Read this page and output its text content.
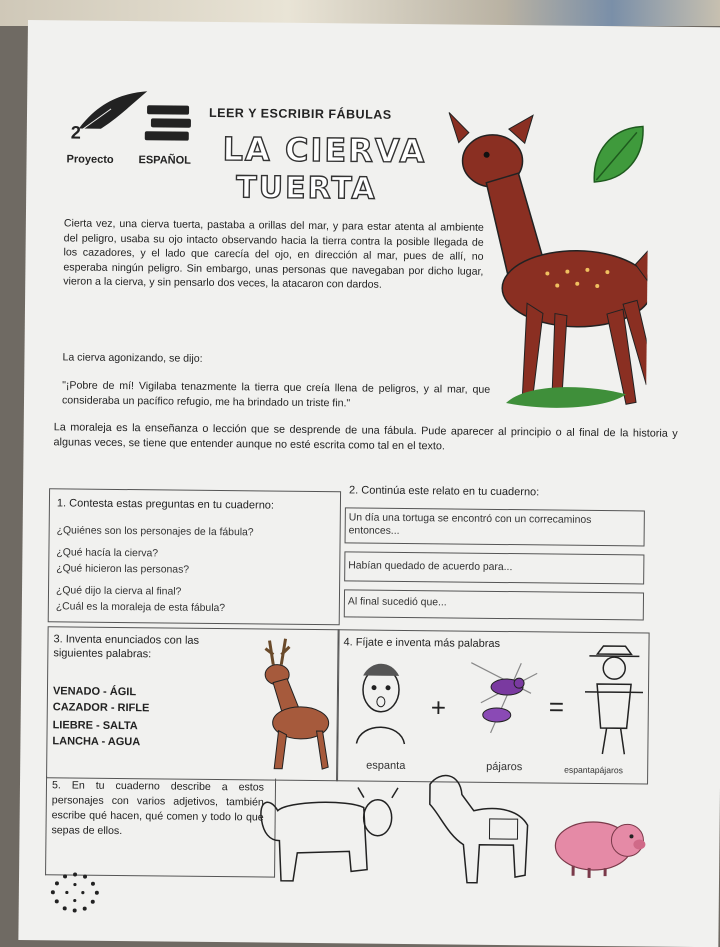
2
Proyecto ESPAÑOL
LEER Y ESCRIBIR FÁBULAS
LA CIERVA
TUERTA
Cierta vez, una cierva tuerta, pastaba a orillas del mar, y para estar atenta al ambiente del peligro, usaba su ojo intacto observando hacia la tierra contra la posible llegada de los cazadores, y el lado que carecía del ojo, en dirección al mar, pues de allí, no esperaba ningún peligro. Sin embargo, unas personas que navegaban por dicho lugar, vieron a la cierva, y sin pensarlo dos veces, la atacaron con dardos.
La cierva agonizando, se dijo:
"¡Pobre de mí! Vigilaba tenazmente la tierra que creía llena de peligros, y al mar, que consideraba un pacífico refugio, me ha brindado un triste fin."
La moraleja es la enseñanza o lección que se desprende de una fábula. Pude aparecer al principio o al final de la historia y algunas veces, se tiene que entender aunque no esté escrita como tal en el texto.
1. Contesta estas preguntas en tu cuaderno:
¿Quiénes son los personajes de la fábula?
¿Qué hacía la cierva?
¿Qué hicieron las personas?
¿Qué dijo la cierva al final?
¿Cuál es la moraleja de esta fábula?
2. Continúa este relato en tu cuaderno:
Un día una tortuga se encontró con un correcaminos entonces...
Habían quedado de acuerdo para...
Al final sucedió que...
3. Inventa enunciados con las siguientes palabras:
VENADO - ÁGIL
CAZADOR - RIFLE
LIEBRE - SALTA
LANCHA - AGUA
4. Fíjate e inventa más palabras
+	=
espanta	pájaros	espantapájaros
5. En tu cuaderno describe a estos personajes con varios adjetivos, también escribe qué hacen, qué comen y todo lo que sepas de ellos.
